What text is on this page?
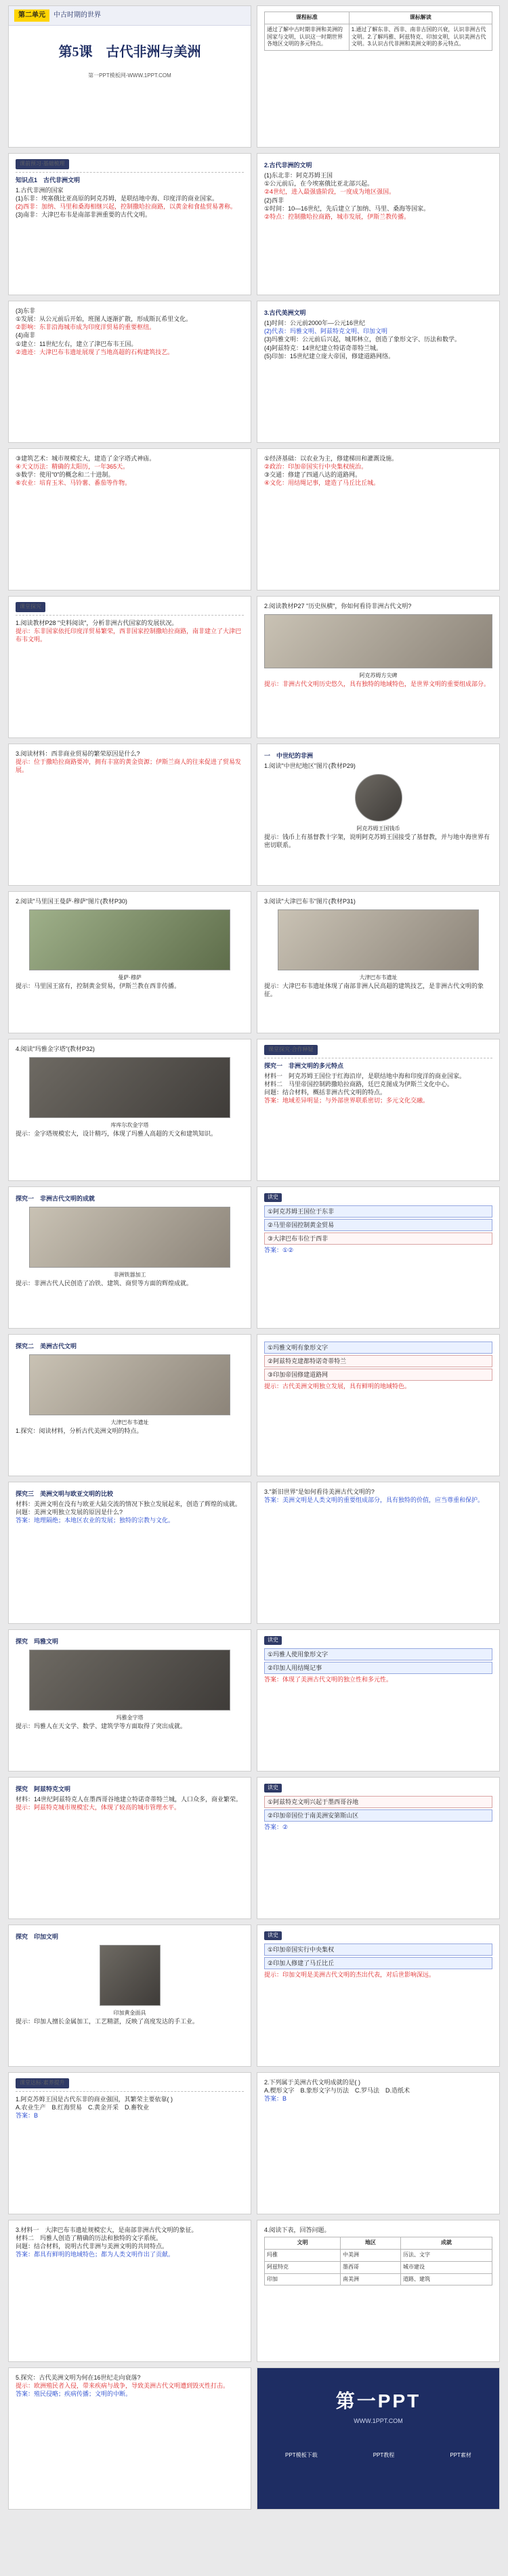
第二单元	中古时期的世界
第5课　古代非洲与美洲
第一PPT模板网-WWW.1PPT.COM
课程标准	课标解读
通过了解中古时期非洲和美洲的国家与文明，认识这一时期世界各地区文明的多元特点。	1.通过了解东非、西非、南非古国的兴衰，认识非洲古代文明。2.了解玛雅、阿兹特克、印加文明，认识美洲古代文明。3.认识古代非洲和美洲文明的多元特点。
课前预习·基础梳理
知识点1　古代非洲文明
1.古代非洲的国家
(1)东非：埃塞俄比亚高原的阿克苏姆，是联结地中海、印度洋的商业国家。
(2)西非：加纳、马里和桑海相继兴起，控制撒哈拉商路，以黄金和食盐贸易著称。
(3)南非：大津巴布韦是南部非洲重要的古代文明。
2.古代非洲的文明
(1)东北非：阿克苏姆王国
①公元前后，在今埃塞俄比亚北部兴起。
②4世纪，进入最强盛阶段，一度成为地区强国。
(2)西非
①时间：10—16世纪，先后建立了加纳、马里、桑海等国家。
②特点：控制撒哈拉商路，城市发展，伊斯兰教传播。
(3)东非
①发展：从公元前后开始，班图人逐渐扩散，形成斯瓦希里文化。
②影响：东非沿海城市成为印度洋贸易的重要枢纽。
(4)南非
①建立：11世纪左右，建立了津巴布韦王国。
②遗迹：大津巴布韦遗址展现了当地高超的石构建筑技艺。
3.古代美洲文明
(1)时间：公元前2000年—公元16世纪
(2)代表：玛雅文明、阿兹特克文明、印加文明
(3)玛雅文明：公元前后兴起，城邦林立，创造了象形文字、历法和数学。
(4)阿兹特克：14世纪建立特诺奇蒂特兰城。
(5)印加：15世纪建立庞大帝国，修建道路网络。
③建筑艺术：城市规模宏大，建造了金字塔式神庙。
④天文历法：精确的太阳历，一年365天。
⑤数学：使用"0"的概念和二十进制。
⑥农业：培育玉米、马铃薯、番茄等作物。
①经济基础：以农业为主，修建梯田和灌溉设施。
②政治：印加帝国实行中央集权统治。
③交通：修建了四通八达的道路网。
④文化：用结绳记事，建造了马丘比丘城。
课堂探究
1.阅读教材P28 "史料阅读"，分析非洲古代国家的发展状况。
提示：东非国家依托印度洋贸易繁荣，西非国家控制撒哈拉商路，南非建立了大津巴布韦文明。
2.阅读教材P27 "历史纵横"，你如何看待非洲古代文明?
阿克苏姆方尖碑
提示：非洲古代文明历史悠久，具有独特的地域特色，是世界文明的重要组成部分。
3.阅读材料：西非商业贸易的繁荣原因是什么?
提示：位于撒哈拉商路要冲，拥有丰富的黄金资源；伊斯兰商人的往来促进了贸易发展。
一　中世纪的非洲
1.阅读"中世纪地区"图片(教材P29)
阿克苏姆王国钱币
提示：钱币上有基督教十字架，说明阿克苏姆王国接受了基督教，并与地中海世界有密切联系。
2.阅读"马里国王曼萨·穆萨"图片(教材P30)
曼萨·穆萨
提示：马里国王富有，控制黄金贸易，伊斯兰教在西非传播。
3.阅读"大津巴布韦"图片(教材P31)
大津巴布韦遗址
提示：大津巴布韦遗址体现了南部非洲人民高超的建筑技艺，是非洲古代文明的象征。
4.阅读"玛雅金字塔"(教材P32)
库库尔坎金字塔
提示：金字塔规模宏大，设计精巧，体现了玛雅人高超的天文和建筑知识。
课堂探究·合作释疑
探究一　非洲文明的多元特点
材料一　阿克苏姆王国位于红海沿岸，是联结地中海和印度洋的商业国家。
材料二　马里帝国控制跨撒哈拉商路，廷巴克图成为伊斯兰文化中心。
问题：结合材料，概括非洲古代文明的特点。
答案：地域差异明显；与外部世界联系密切；多元文化交融。
探究一　非洲古代文明的成就
非洲铁器加工
提示：非洲古代人民创造了冶铁、建筑、商贸等方面的辉煌成就。
读史
①阿克苏姆王国位于东非
②马里帝国控制黄金贸易
③大津巴布韦位于西非
答案：①②
探究二　美洲古代文明
大津巴布韦遗址
1.探究：阅读材料，分析古代美洲文明的特点。
①玛雅文明有象形文字
②阿兹特克建都特诺奇蒂特兰
③印加帝国修建道路网
提示：古代美洲文明独立发展，具有鲜明的地域特色。
探究三　美洲文明与欧亚文明的比较
材料：美洲文明在没有与欧亚大陆交流的情况下独立发展起来，创造了辉煌的成就。
问题：美洲文明独立发展的原因是什么?
答案：地理隔绝；本地区农业的发展；独特的宗教与文化。
3."新旧世界"是如何看待美洲古代文明的?
答案：美洲文明是人类文明的重要组成部分，具有独特的价值，应当尊重和保护。
探究　玛雅文明
玛雅金字塔
提示：玛雅人在天文学、数学、建筑学等方面取得了突出成就。
读史
①玛雅人使用象形文字
②印加人用结绳记事
答案：体现了美洲古代文明的独立性和多元性。
探究　阿兹特克文明
材料：14世纪阿兹特克人在墨西哥谷地建立特诺奇蒂特兰城，人口众多，商业繁荣。
提示：阿兹特克城市规模宏大，体现了较高的城市管理水平。
读史
①阿兹特克文明兴起于墨西哥谷地
②印加帝国位于南美洲安第斯山区
答案：②
探究　印加文明
印加黄金面具
提示：印加人擅长金属加工，工艺精湛，反映了高度发达的手工业。
读史
①印加帝国实行中央集权
②印加人修建了马丘比丘
提示：印加文明是美洲古代文明的杰出代表，对后世影响深远。
课堂达标·素养提升
1.阿克苏姆王国是古代东非的商业强国，其繁荣主要依靠( )
A.农业生产　B.红海贸易　C.黄金开采　D.畜牧业
答案：B
2.下列属于美洲古代文明成就的是( )
A.楔形文字　B.象形文字与历法　C.罗马法　D.造纸术
答案：B
3.材料一　大津巴布韦遗址规模宏大，是南部非洲古代文明的象征。
材料二　玛雅人创造了精确的历法和独特的文字系统。
问题：结合材料，说明古代非洲与美洲文明的共同特点。
答案：都具有鲜明的地域特色；都为人类文明作出了贡献。
4.阅读下表，回答问题。
文明	地区	成就
玛雅	中美洲	历法、文字
阿兹特克	墨西哥	城市建设
印加	南美洲	道路、建筑
5.探究：古代美洲文明为何在16世纪走向衰落?
提示：欧洲殖民者入侵，带来疾病与战争，导致美洲古代文明遭到毁灭性打击。
答案：殖民侵略；疾病传播；文明的中断。	第一PPT
WWW.1PPT.COM
PPT模板下载	PPT教程	PPT素材
